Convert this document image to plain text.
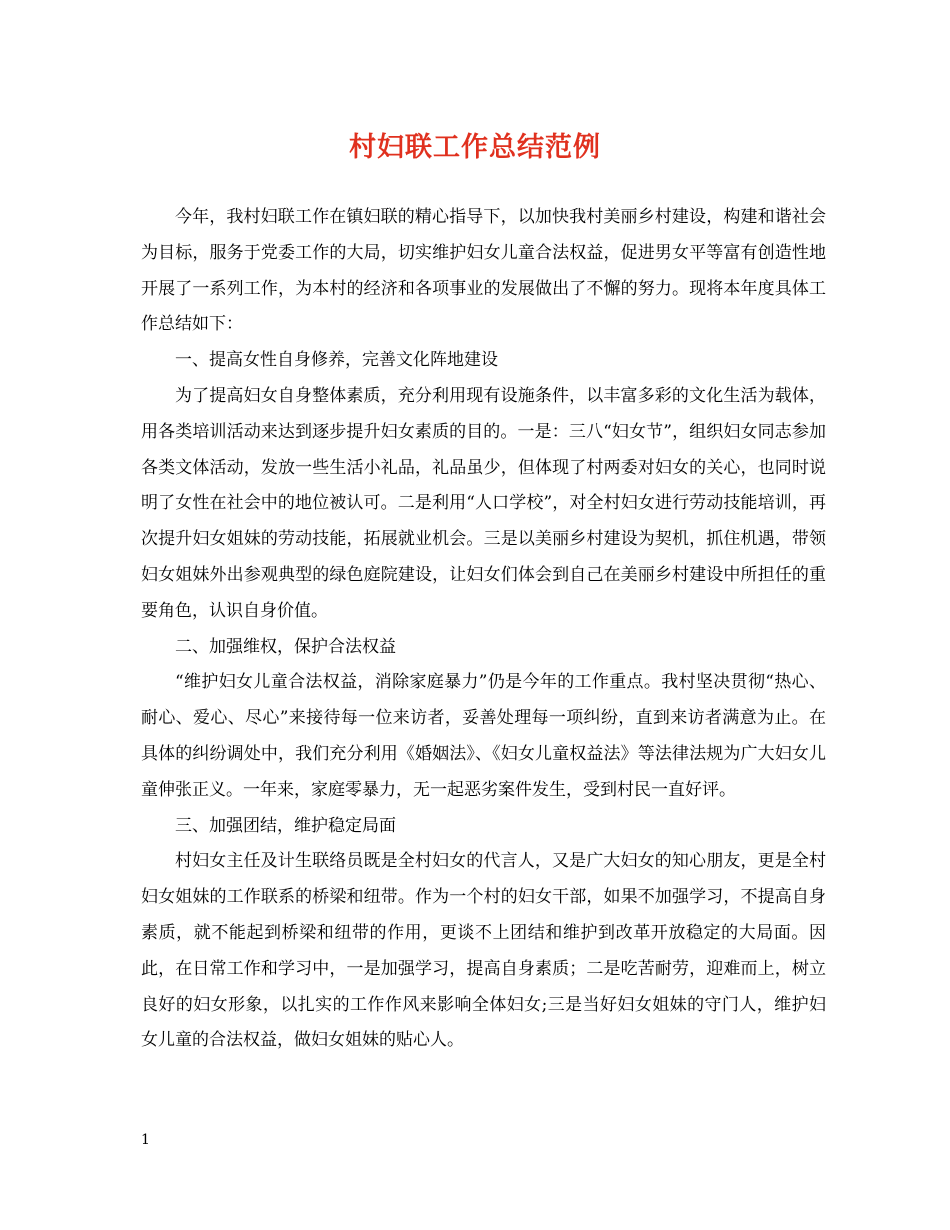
村妇联工作总结范例

今年，我村妇联工作在镇妇联的精心指导下，以加快我村美丽乡村建设，构建和谐社会为目标，服务于党委工作的大局，切实维护妇女儿童合法权益，促进男女平等富有创造性地开展了一系列工作，为本村的经济和各项事业的发展做出了不懈的努力。现将本年度具体工作总结如下：

一、提高女性自身修养，完善文化阵地建设

为了提高妇女自身整体素质，充分利用现有设施条件，以丰富多彩的文化生活为载体，用各类培训活动来达到逐步提升妇女素质的目的。一是：三八“妇女节”，组织妇女同志参加各类文体活动，发放一些生活小礼品，礼品虽少，但体现了村两委对妇女的关心，也同时说明了女性在社会中的地位被认可。二是利用“人口学校”，对全村妇女进行劳动技能培训，再次提升妇女姐妹的劳动技能，拓展就业机会。三是以美丽乡村建设为契机，抓住机遇，带领妇女姐妹外出参观典型的绿色庭院建设，让妇女们体会到自己在美丽乡村建设中所担任的重要角色，认识自身价值。

二、加强维权，保护合法权益

“维护妇女儿童合法权益，消除家庭暴力”仍是今年的工作重点。我村坚决贯彻“热心、耐心、爱心、尽心”来接待每一位来访者，妥善处理每一项纠纷，直到来访者满意为止。在具体的纠纷调处中，我们充分利用《婚姻法》、《妇女儿童权益法》等法律法规为广大妇女儿童伸张正义。一年来，家庭零暴力，无一起恶劣案件发生，受到村民一直好评。

三、加强团结，维护稳定局面

村妇女主任及计生联络员既是全村妇女的代言人，又是广大妇女的知心朋友，更是全村妇女姐妹的工作联系的桥梁和纽带。作为一个村的妇女干部，如果不加强学习，不提高自身素质，就不能起到桥梁和纽带的作用，更谈不上团结和维护到改革开放稳定的大局面。因此，在日常工作和学习中，一是加强学习，提高自身素质；二是吃苦耐劳，迎难而上，树立良好的妇女形象，以扎实的工作作风来影响全体妇女;三是当好妇女姐妹的守门人，维护妇女儿童的合法权益，做妇女姐妹的贴心人。

1
